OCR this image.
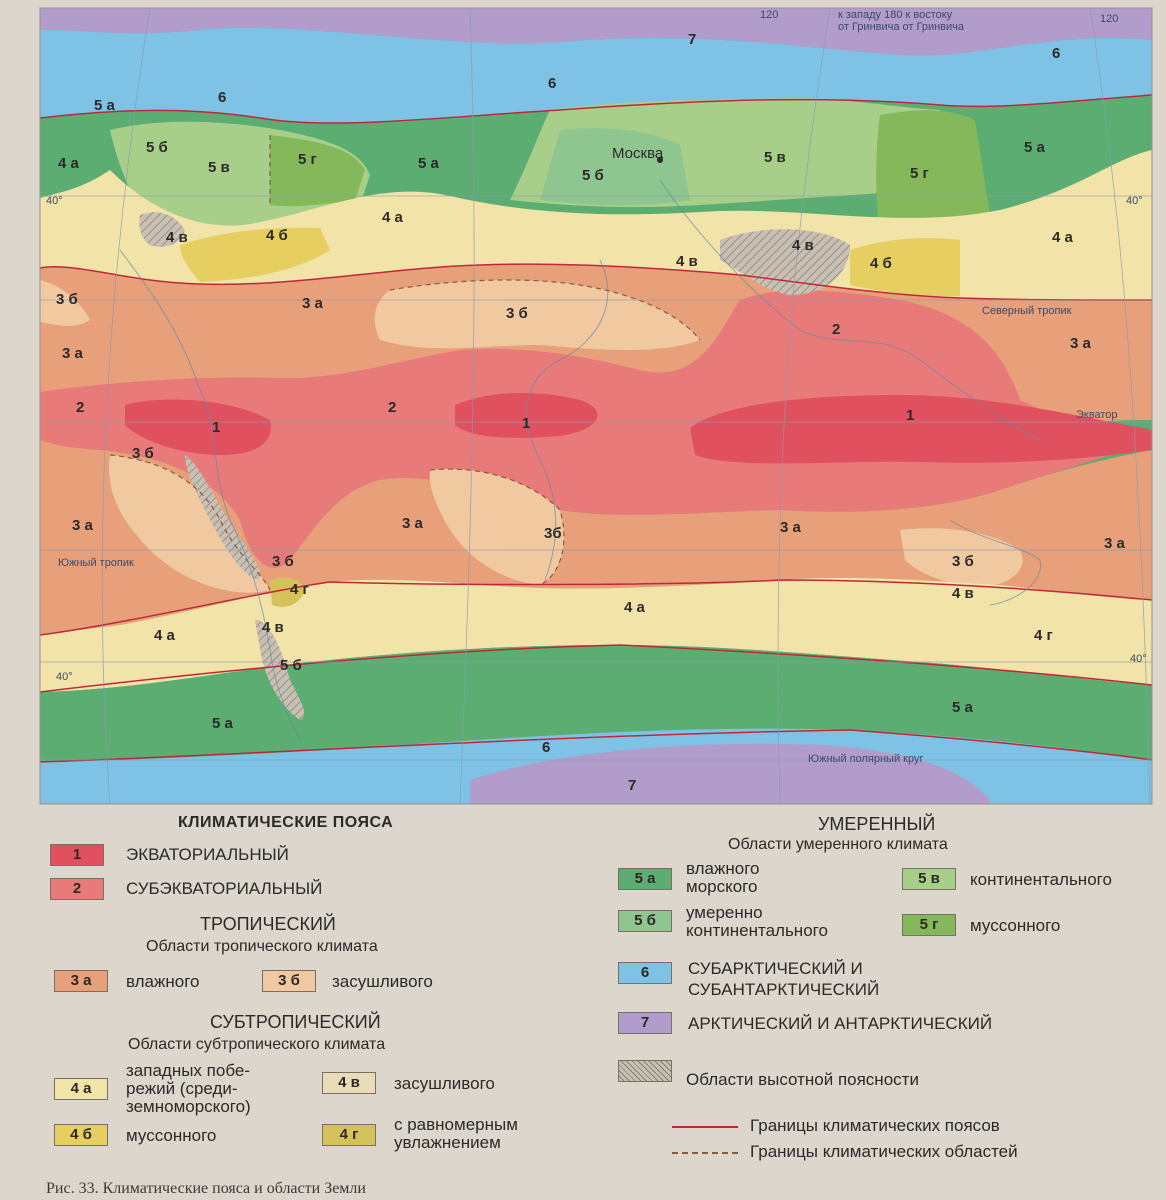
7
6
6
6
5 a
5 б
5 в	5 г	5 a
Москва
5 б
5 в
5 г
5 a
4 a
4 в	4 б
4 a
4 в
4 в
4 б
4 a
3 б	3 a
3 б
2
3 a
3 a
2	2
1	1	1
3 б
3 a	3 a
3б	3 a
3 б
3 a
3 б
4 г
4 в
4 a
4 a
4 в
4 г
5 б
5 a
5 a
6
7
Северный тропик
Экватор
Южный тропик
Южный полярный круг
40°	40°
40°
40°
120	к западу 180 к востоку
от Гринвича от Гринвича
120
КЛИМАТИЧЕСКИЕ ПОЯСА
1	ЭКВАТОРИАЛЬНЫЙ
2	СУБЭКВАТОРИАЛЬНЫЙ
ТРОПИЧЕСКИЙ
Области тропического климата
3 а	влажного	3 б	засушливого
СУБТРОПИЧЕСКИЙ
Области субтропического климата
4 а
западных побе-
режий (среди-
земноморского)
4 в	засушливого
4 б	муссонного	4 г
с равномерным
увлажнением
УМЕРЕННЫЙ
Области умеренного климата
5 а
влажного
морского	5 в	континентального
5 б	умеренно
континентального	5 г	муссонного
6	СУБАРКТИЧЕСКИЙ И
СУБАНТАРКТИЧЕСКИЙ
7	АРКТИЧЕСКИЙ И АНТАРКТИЧЕСКИЙ
Области высотной поясности
Границы климатических поясов
Границы климатических областей
Рис. 33. Климатические пояса и области Земли
